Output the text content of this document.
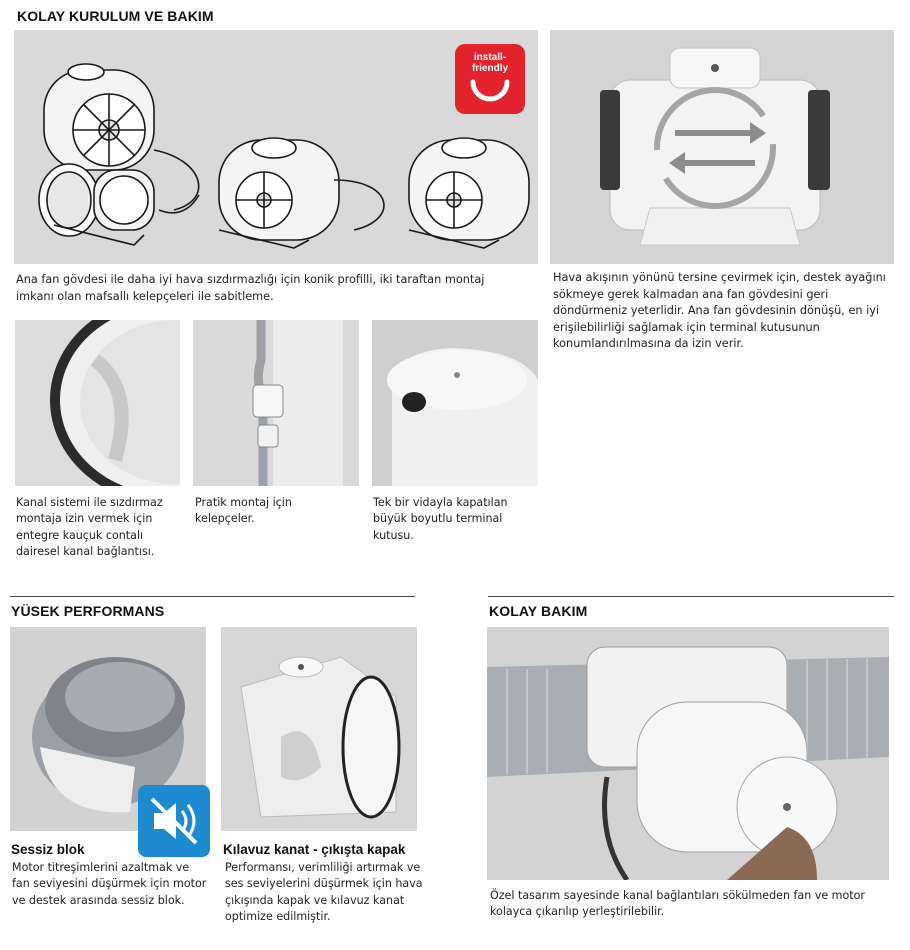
KOLAY KURULUM VE BAKIM
install-
friendly
Ana fan gövdesi ile daha iyi hava sızdırmazlığı için konik profilli, iki taraftan montaj imkanı olan mafsallı kelepçeleri ile sabitleme.
Hava akışının yönünü tersine çevirmek için, destek ayağını sökmeye gerek kalmadan ana fan gövdesini geri döndürmeniz yeterlidir. Ana fan gövdesinin dönüşü, en iyi erişilebilirliği sağlamak için terminal kutusunun konumlandırılmasına da izin verir.
Kanal sistemi ile sızdırmaz montaja izin vermek için entegre kauçuk contalı dairesel kanal bağlantısı.
Pratik montaj için kelepçeler.
Tek bir vidayla kapatılan büyük boyutlu terminal kutusu.
YÜSEK PERFORMANS
Sessiz blok
Motor titreşimlerini azaltmak ve fan seviyesini düşürmek için motor ve destek arasında sessiz blok.
Kılavuz kanat - çıkışta kapak
Performansı, verimliliği artırmak ve ses seviyelerini düşürmek için hava çıkışında kapak ve kılavuz kanat optimize edilmiştir.
KOLAY BAKIM
Özel tasarım sayesinde kanal bağlantıları sökülmeden fan ve motor kolayca çıkarılıp yerleştirilebilir.
